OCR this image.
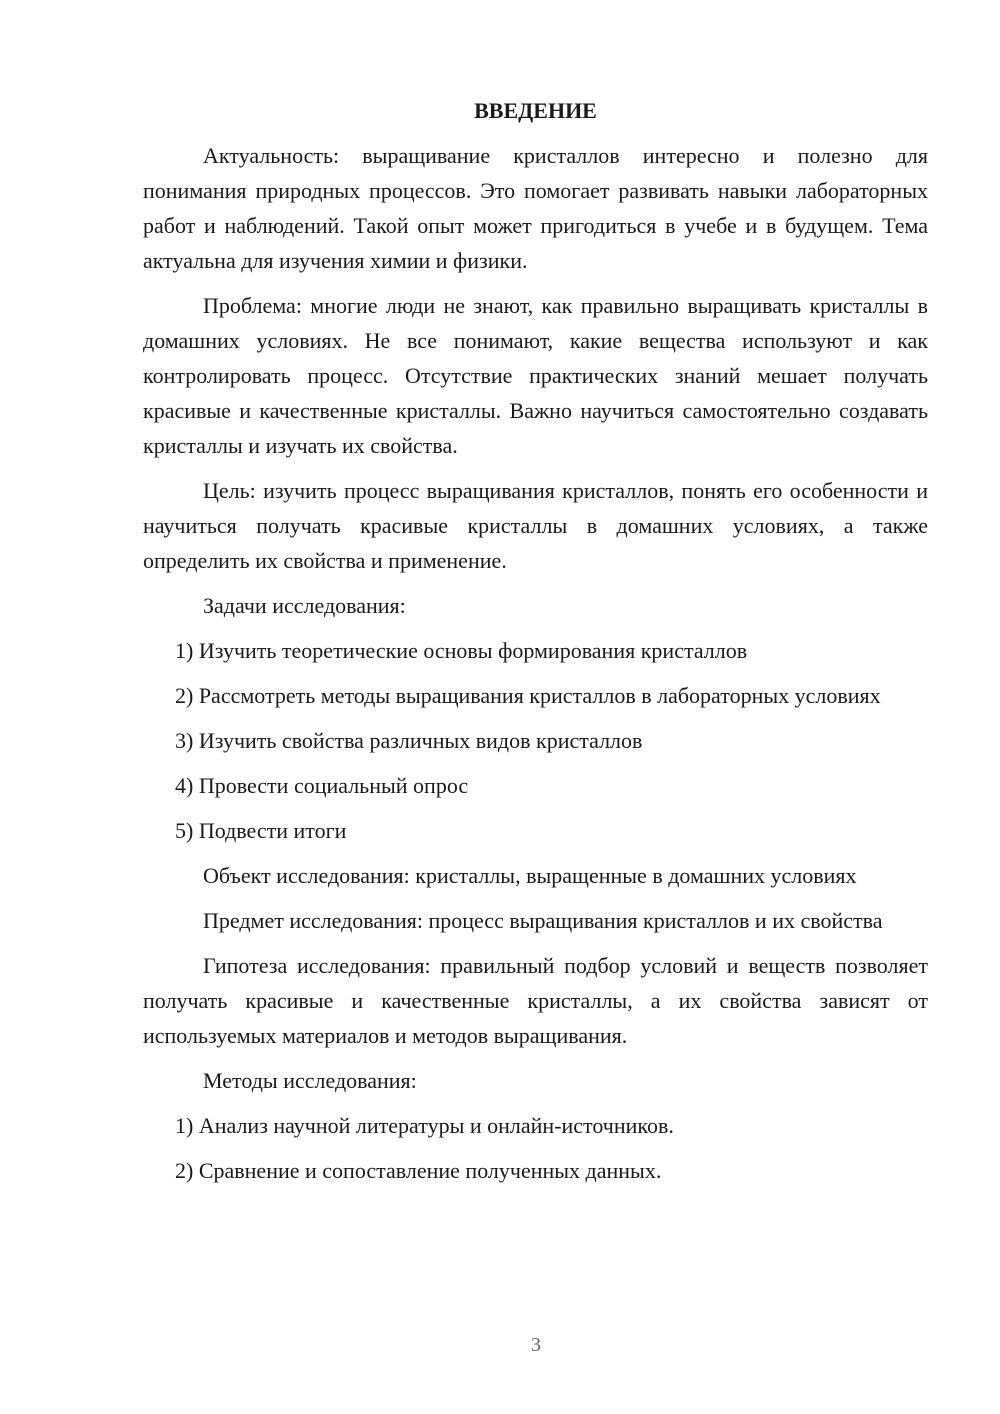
ВВЕДЕНИЕ

Актуальность: выращивание кристаллов интересно и полезно для понимания природных процессов. Это помогает развивать навыки лабораторных работ и наблюдений. Такой опыт может пригодиться в учебе и в будущем. Тема актуальна для изучения химии и физики.

Проблема: многие люди не знают, как правильно выращивать кристаллы в домашних условиях. Не все понимают, какие вещества используют и как контролировать процесс. Отсутствие практических знаний мешает получать красивые и качественные кристаллы. Важно научиться самостоятельно создавать кристаллы и изучать их свойства.

Цель: изучить процесс выращивания кристаллов, понять его особенности и научиться получать красивые кристаллы в домашних условиях, а также определить их свойства и применение.

Задачи исследования:

1) Изучить теоретические основы формирования кристаллов

2) Рассмотреть методы выращивания кристаллов в лабораторных условиях

3) Изучить свойства различных видов кристаллов

4) Провести социальный опрос

5) Подвести итоги

Объект исследования: кристаллы, выращенные в домашних условиях

Предмет исследования: процесс выращивания кристаллов и их свойства

Гипотеза исследования: правильный подбор условий и веществ позволяет получать красивые и качественные кристаллы, а их свойства зависят от используемых материалов и методов выращивания.

Методы исследования:

1) Анализ научной литературы и онлайн-источников.

2) Сравнение и сопоставление полученных данных.

3
